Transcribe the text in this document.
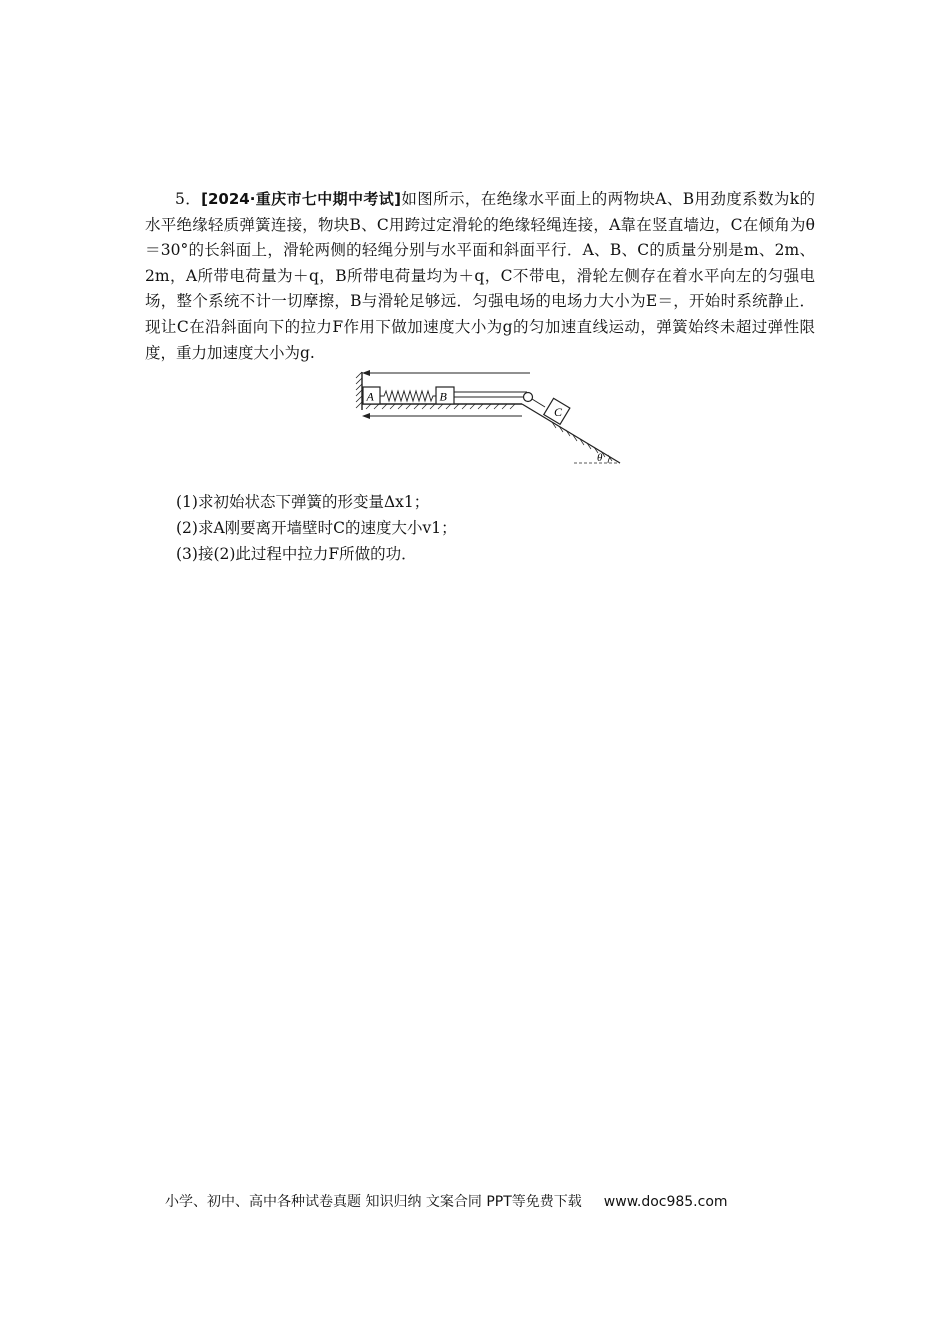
5．[2024·重庆市七中期中考试]如图所示，在绝缘水平面上的两物块A、B用劲度系数为k的水平绝缘轻质弹簧连接，物块B、C用跨过定滑轮的绝缘轻绳连接，A靠在竖直墙边，C在倾角为θ＝30°的长斜面上，滑轮两侧的轻绳分别与水平面和斜面平行．A、B、C的质量分别是m、2m、2m，A所带电荷量为＋q，B所带电荷量均为＋q，C不带电，滑轮左侧存在着水平向左的匀强电场，整个系统不计一切摩擦，B与滑轮足够远．匀强电场的电场力大小为E＝，开始时系统静止．现让C在沿斜面向下的拉力F作用下做加速度大小为g的匀加速直线运动，弹簧始终未超过弹性限度，重力加速度大小为g.
A	B
C
θ
(1)求初始状态下弹簧的形变量Δx1；
(2)求A刚要离开墙壁时C的速度大小v1；
(3)接(2)此过程中拉力F所做的功．
小学、初中、高中各种试卷真题 知识归纳 文案合同 PPT等免费下载 www.doc985.com
